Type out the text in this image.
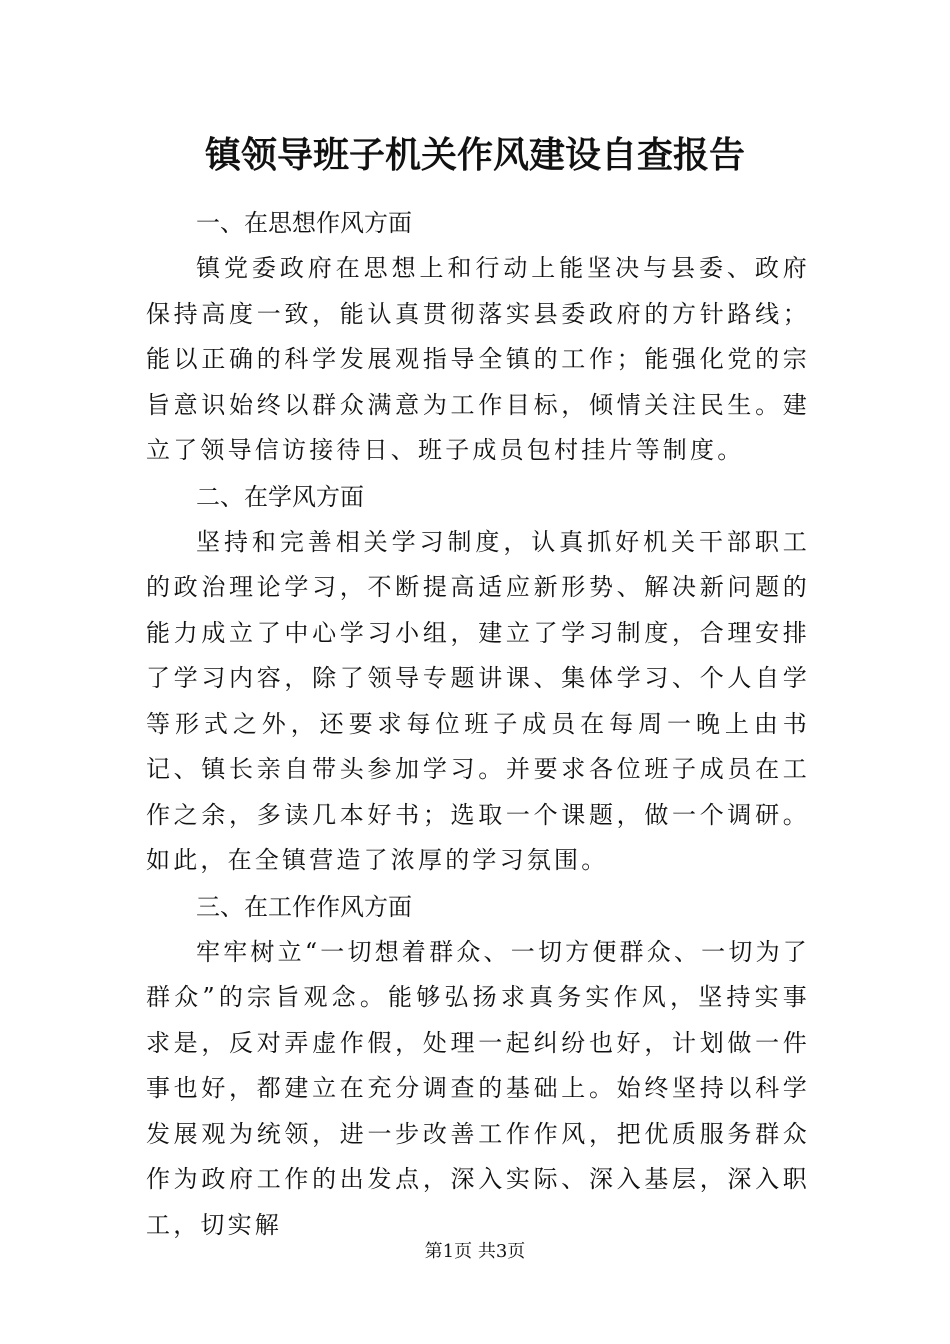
镇领导班子机关作风建设自查报告
一、在思想作风方面

镇党委政府在思想上和行动上能坚决与县委、政府保持高度一致，能认真贯彻落实县委政府的方针路线；能以正确的科学发展观指导全镇的工作；能强化党的宗旨意识始终以群众满意为工作目标，倾情关注民生。建立了领导信访接待日、班子成员包村挂片等制度。

二、在学风方面

坚持和完善相关学习制度，认真抓好机关干部职工的政治理论学习，不断提高适应新形势、解决新问题的能力成立了中心学习小组，建立了学习制度，合理安排了学习内容，除了领导专题讲课、集体学习、个人自学等形式之外，还要求每位班子成员在每周一晚上由书记、镇长亲自带头参加学习。并要求各位班子成员在工作之余，多读几本好书；选取一个课题，做一个调研。如此，在全镇营造了浓厚的学习氛围。

三、在工作作风方面

牢牢树立“一切想着群众、一切方便群众、一切为了群众”的宗旨观念。能够弘扬求真务实作风，坚持实事求是，反对弄虚作假，处理一起纠纷也好，计划做一件事也好，都建立在充分调查的基础上。始终坚持以科学发展观为统领，进一步改善工作作风，把优质服务群众作为政府工作的出发点，深入实际、深入基层，深入职工，切实解

第1页 共3页
